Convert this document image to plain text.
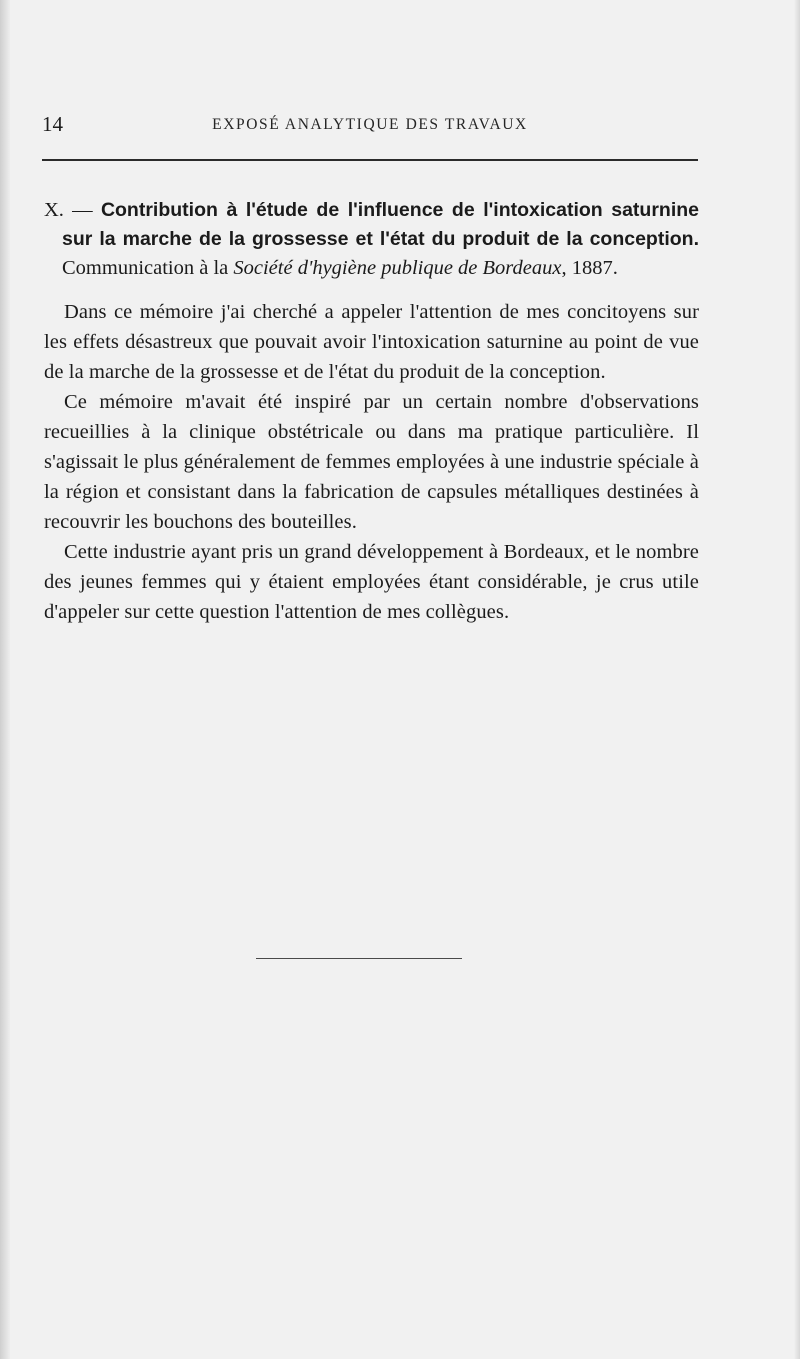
14	EXPOSÉ ANALYTIQUE DES TRAVAUX

X. — Contribution à l'étude de l'influence de l'intoxication saturnine sur la marche de la grossesse et l'état du produit de la conception. Communication à la Société d'hygiène publique de Bordeaux, 1887.

Dans ce mémoire j'ai cherché a appeler l'attention de mes concitoyens sur les effets désastreux que pouvait avoir l'intoxication saturnine au point de vue de la marche de la grossesse et de l'état du produit de la conception.

Ce mémoire m'avait été inspiré par un certain nombre d'observations recueillies à la clinique obstétricale ou dans ma pratique particulière. Il s'agissait le plus généralement de femmes employées à une industrie spéciale à la région et consistant dans la fabrication de capsules métalliques destinées à recouvrir les bouchons des bouteilles.

Cette industrie ayant pris un grand développement à Bordeaux, et le nombre des jeunes femmes qui y étaient employées étant considérable, je crus utile d'appeler sur cette question l'attention de mes collègues.
